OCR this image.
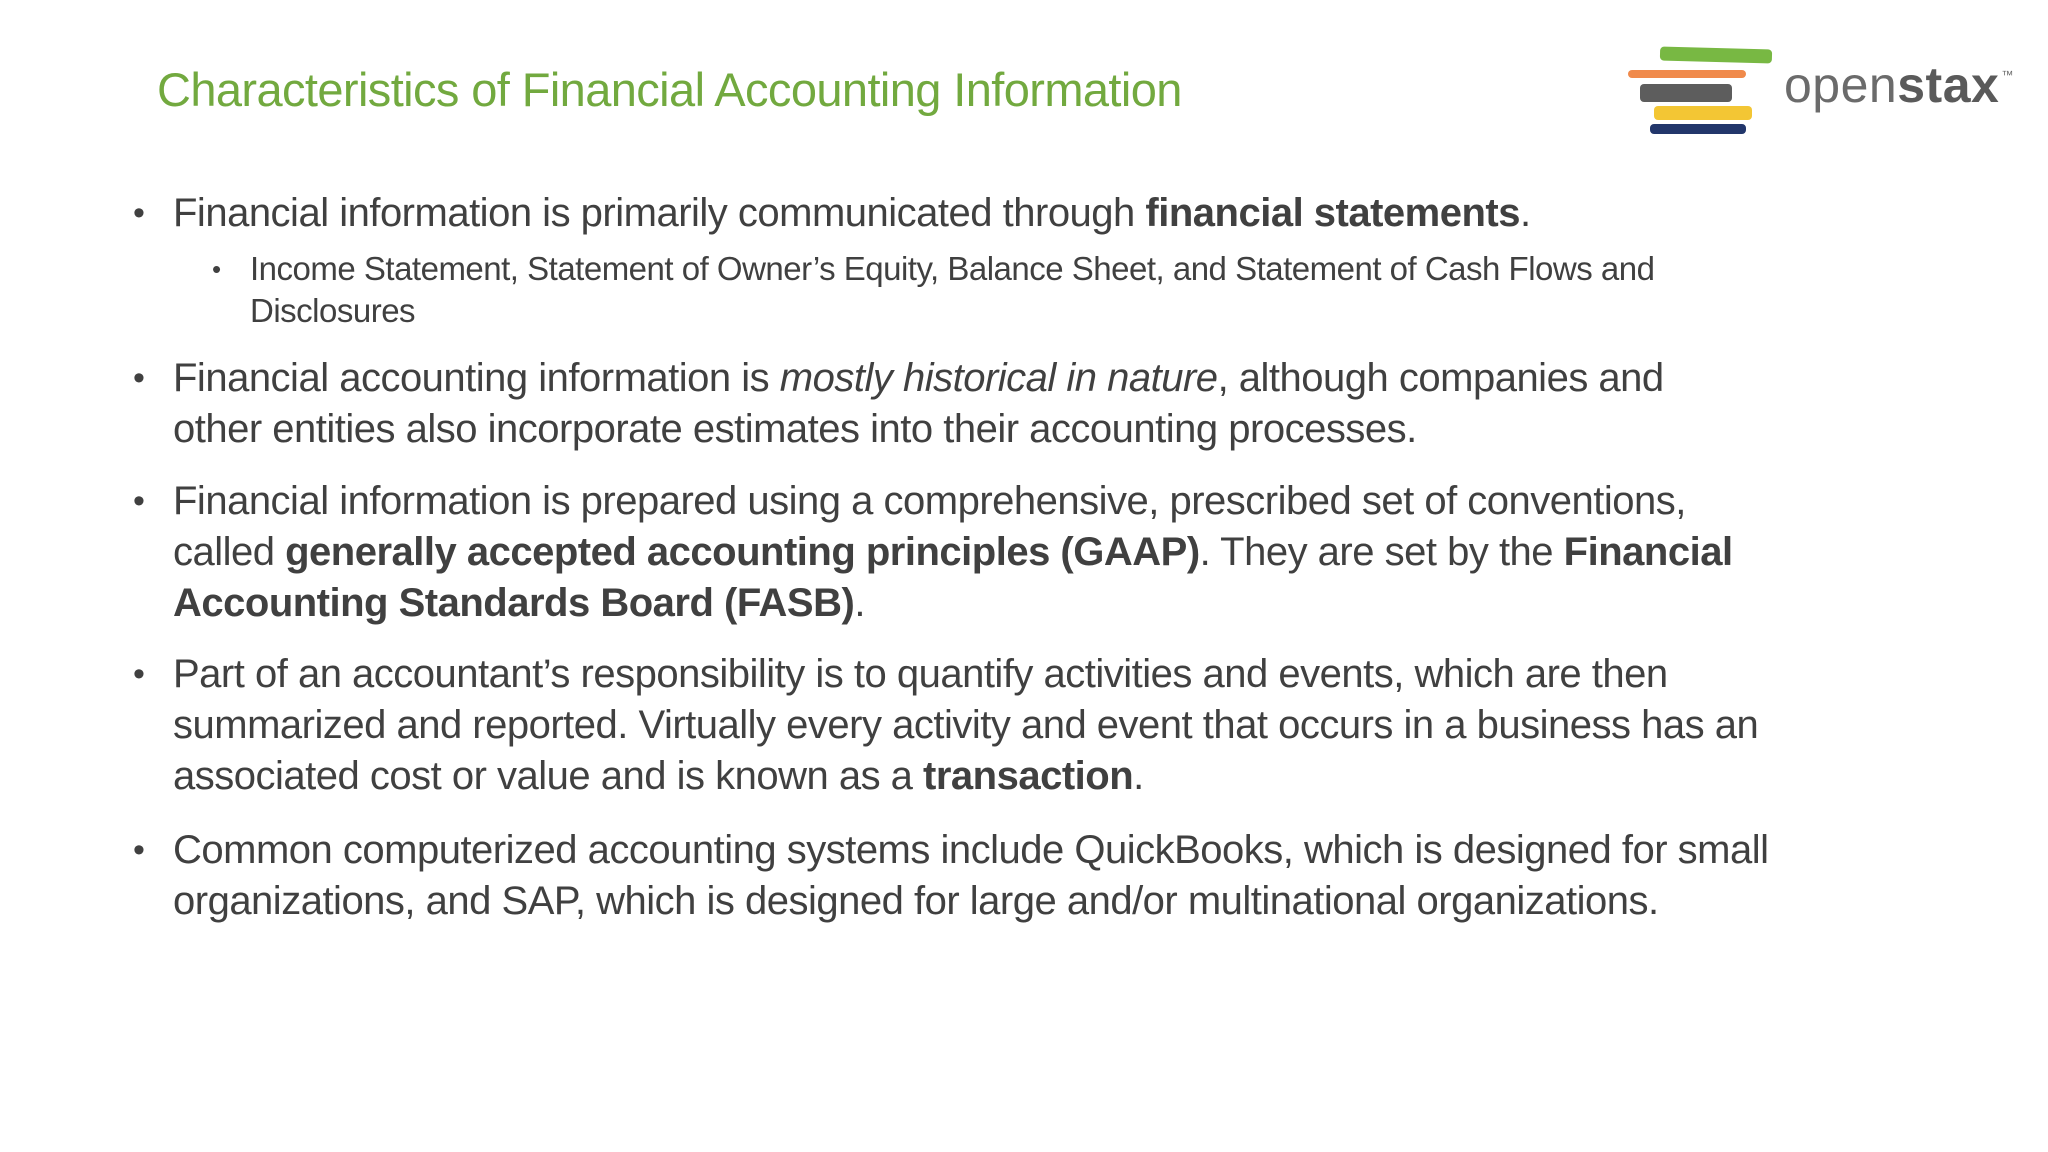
Characteristics of Financial Accounting Information	openstax ™
• Financial information is primarily communicated through financial statements.
• Income Statement, Statement of Owner’s Equity, Balance Sheet, and Statement of Cash Flows and
Disclosures
• Financial accounting information is mostly historical in nature, although companies and
other entities also incorporate estimates into their accounting processes.
• Financial information is prepared using a comprehensive, prescribed set of conventions,
called generally accepted accounting principles (GAAP). They are set by the Financial
Accounting Standards Board (FASB).
• Part of an accountant’s responsibility is to quantify activities and events, which are then
summarized and reported. Virtually every activity and event that occurs in a business has an
associated cost or value and is known as a transaction.
• Common computerized accounting systems include QuickBooks, which is designed for small
organizations, and SAP, which is designed for large and/or multinational organizations.
